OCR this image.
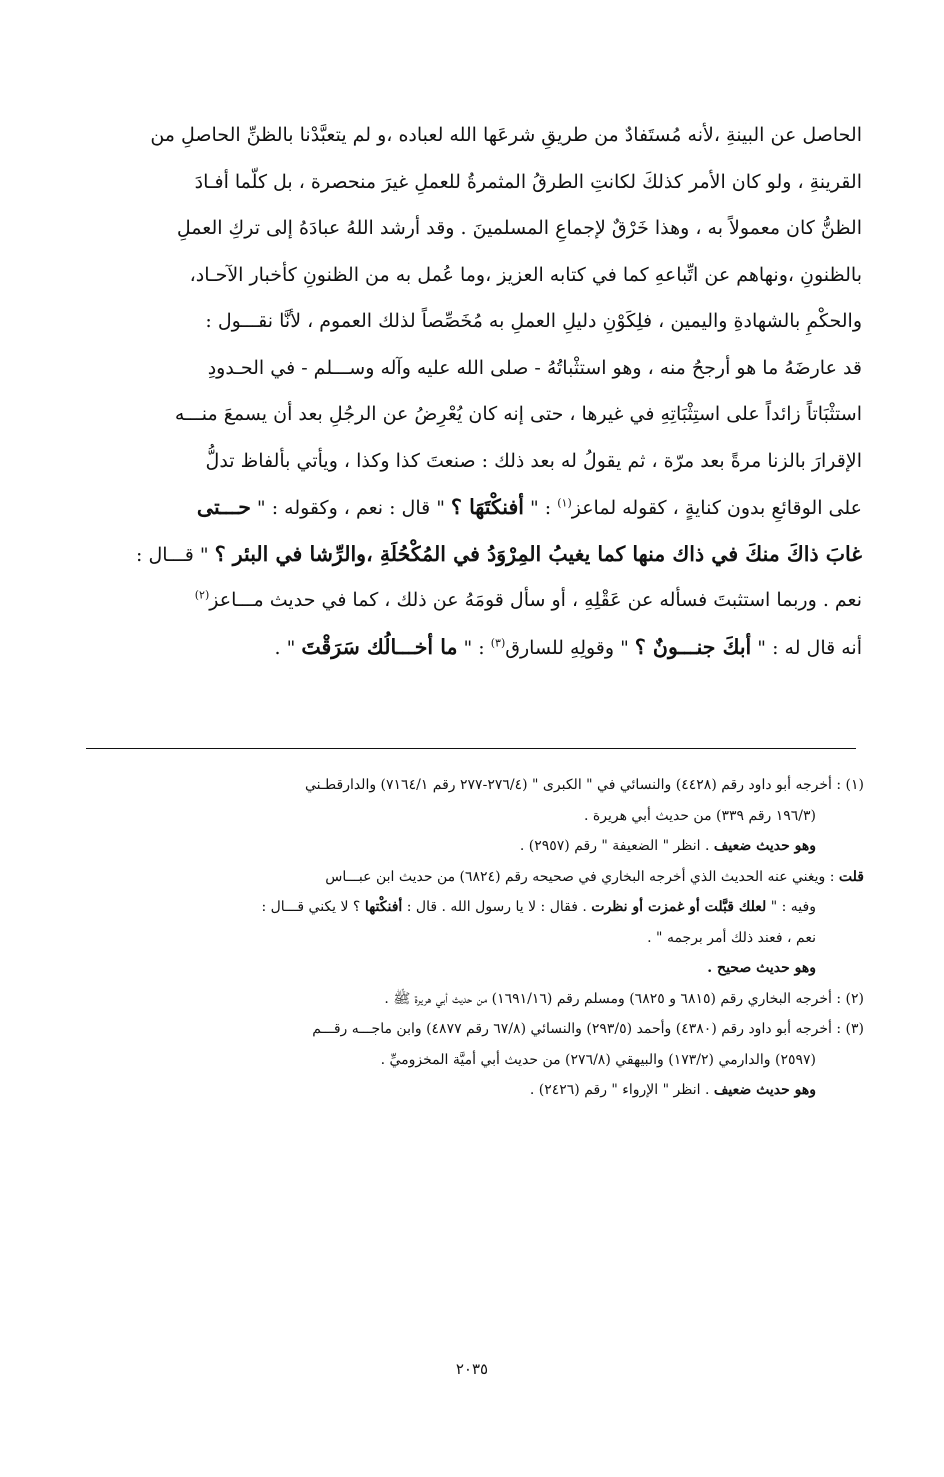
الحاصل عن البينةِ ،لأنه مُستَفادٌ من طريقِ شرعَها الله لعباده ،و لم يتعبَّدْنا بالظنِّ الحاصلِ من
القرينةِ ، ولو كان الأمر كذلكَ لكانتِ الطرقُ المثمرةُ للعملِ غيرَ منحصرة ، بل كلّما أفـادَ
الظنُّ كان معمولاً به ، وهذا خَرْقٌ لإجماعِ المسلمينَ . وقد أرشد اللهُ عبادَهُ إلى تركِ العملِ
بالظنونِ ،ونهاهم عن اتِّباعهِ كما في كتابه العزيز ،وما عُمل به من الظنونِ كأخبار الآحـاد،
والحكْمِ بالشهادةِ واليمين ، فلِكَوْنِ دليلِ العملِ به مُخَصِّصاً لذلك العموم ، لأنَّا نقـــول :
قد عارضَهُ ما هو أرجحُ منه ، وهو استثْباتُهُ - صلى الله عليه وآله وســـلم - في الحـدودِ
استثْبَاتاً زائداً على استِثْبَاتِهِ في غيرها ، حتى إنه كان يُعْرِضُ عن الرجُلِ بعد أن يسمعَ منـــه
الإقرارَ بالزنا مرةً بعد مرّة ، ثم يقولُ له بعد ذلك : صنعتَ كذا وكذا ، ويأتي بألفاظ تدلُّ
على الوقائعِ بدون كنايةٍ ، كقوله لماعز$^{(١)}$ : " أفنكْتَهَا ؟ " قال : نعم ، وكقوله : " حـــتى
غابَ ذاكَ منكَ في ذاك منها كما يغيبُ المِرْوَدُ في المُكْحُلَةِ ،والرِّشا في البئر ؟ " قـــال :
نعم . وربما استثبتَ فسأله عن عَقْلِهِ ، أو سأل قومَهُ عن ذلك ، كما في حديث مـــاعز$^{(٢)}$
أنه قال له : " أبكَ جنـــونٌ ؟ " وقولِهِ للسارق$^{(٣)}$ : " ما أخـــالُك سَرَقْتَ " .
(١) : أخرجه أبو داود رقم (٤٤٢٨) والنسائي في " الكبرى " (٢٧٦/٤-٢٧٧ رقم ٧١٦٤/١) والدارقطـني
(١٩٦/٣ رقم ٣٣٩) من حديث أبي هريرة .
وهو حديث ضعيف . انظر " الضعيفة " رقم (٢٩٥٧) .
قلت : ويغني عنه الحديث الذي أخرجه البخاري في صحيحه رقم (٦٨٢٤) من حديث ابن عبـــاس
وفيه : " لعلك قبَّلت أو غمزت أو نظرت . فقال : لا يا رسول الله . قال : أفنكْتها ؟ لا يكني قـــال :
نعم ، فعند ذلك أمر برجمه " .
وهو حديث صحيح .
(٢) : أخرجه البخاري رقم (٦٨١٥ و ٦٨٢٥) ومسلم رقم (١٦٩١/١٦) من حديث أبي هريرة ﷺ .
(٣) : أخرجه أبو داود رقم (٤٣٨٠) وأحمد (٢٩٣/٥) والنسائي (٦٧/٨ رقم ٤٨٧٧) وابن ماجـــه رقـــم
(٢٥٩٧) والدارمي (١٧٣/٢) والبيهقي (٢٧٦/٨) من حديث أبي أميَّة المخزوميِّ .
وهو حديث ضعيف . انظر " الإرواء " رقم (٢٤٢٦) .
٢٠٣٥
